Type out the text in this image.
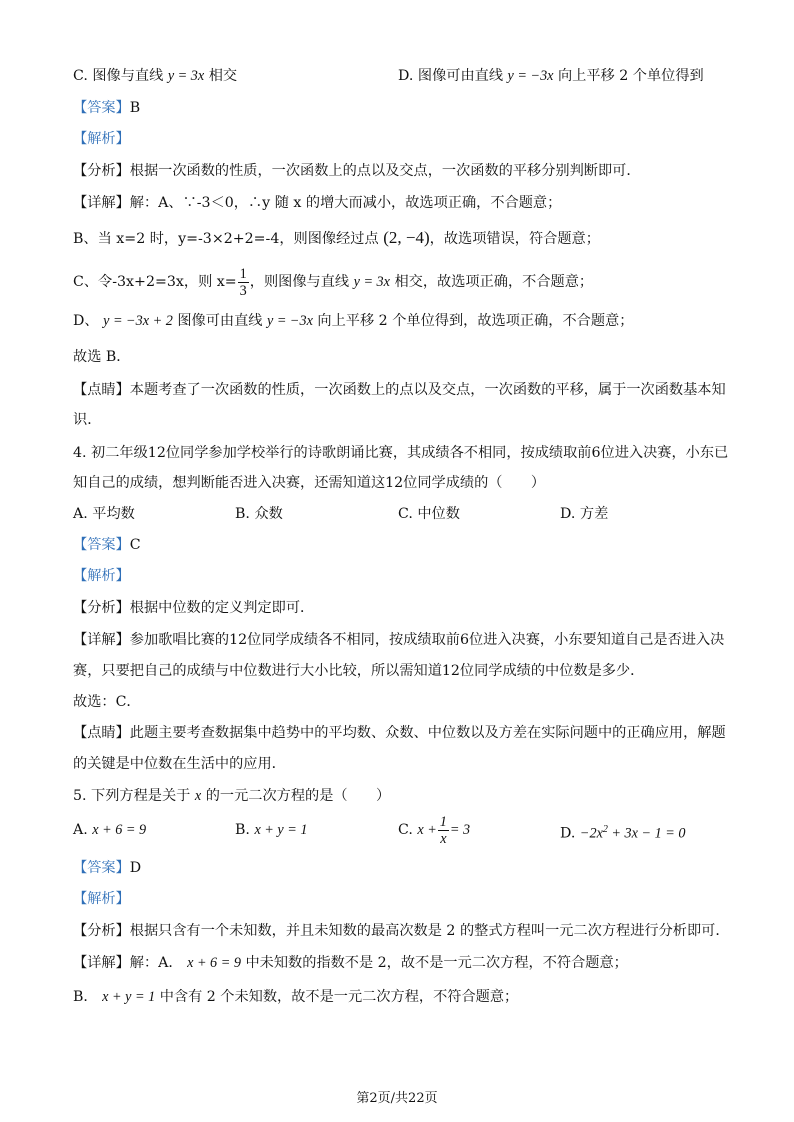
C. 图像与直线 y = 3x 相交	D. 图像可由直线 y = −3x 向上平移 2 个单位得到
【答案】B
【解析】
【分析】根据一次函数的性质，一次函数上的点以及交点，一次函数的平移分别判断即可．
【详解】解：A、∵-3＜0，∴y 随 x 的增大而减小，故选项正确，不合题意；
B、当 x=2 时，y=-3×2+2=-4，则图像经过点 (2, −4)，故选项错误，符合题意；
C、令-3x+2=3x，则 $x= \frac{1}{3}$ ，则图像与直线 y = 3x 相交，故选项正确，不合题意；
D、 y = −3x + 2 图像可由直线 y = −3x 向上平移 2 个单位得到，故选项正确，不合题意；
故选 B．
【点睛】本题考查了一次函数的性质，一次函数上的点以及交点，一次函数的平移，属于一次函数基本知
识．
4. 初二年级12位同学参加学校举行的诗歌朗诵比赛，其成绩各不相同，按成绩取前6位进入决赛，小东已
知自己的成绩，想判断能否进入决赛，还需知道这12位同学成绩的（　　）
A. 平均数	B. 众数	C. 中位数	D. 方差
【答案】C
【解析】
【分析】根据中位数的定义判定即可．
【详解】参加歌唱比赛的12位同学成绩各不相同，按成绩取前6位进入决赛，小东要知道自己是否进入决
赛，只要把自己的成绩与中位数进行大小比较，所以需知道12位同学成绩的中位数是多少．
故选：C．
【点睛】此题主要考查数据集中趋势中的平均数、众数、中位数以及方差在实际问题中的正确应用，解题
的关键是中位数在生活中的应用．
5. 下列方程是关于 x 的一元二次方程的是（　　）
A. x + 6 = 9	B. x + y = 1	C. $x + \frac{1}{x} = 3$	D. $-2x^2 + 3x - 1 = 0$
【答案】D
【解析】
【分析】根据只含有一个未知数，并且未知数的最高次数是 2 的整式方程叫一元二次方程进行分析即可．
【详解】解：A． x + 6 = 9 中未知数的指数不是 2，故不是一元二次方程，不符合题意；
B． x + y = 1 中含有 2 个未知数，故不是一元二次方程，不符合题意；
第2页/共22页
